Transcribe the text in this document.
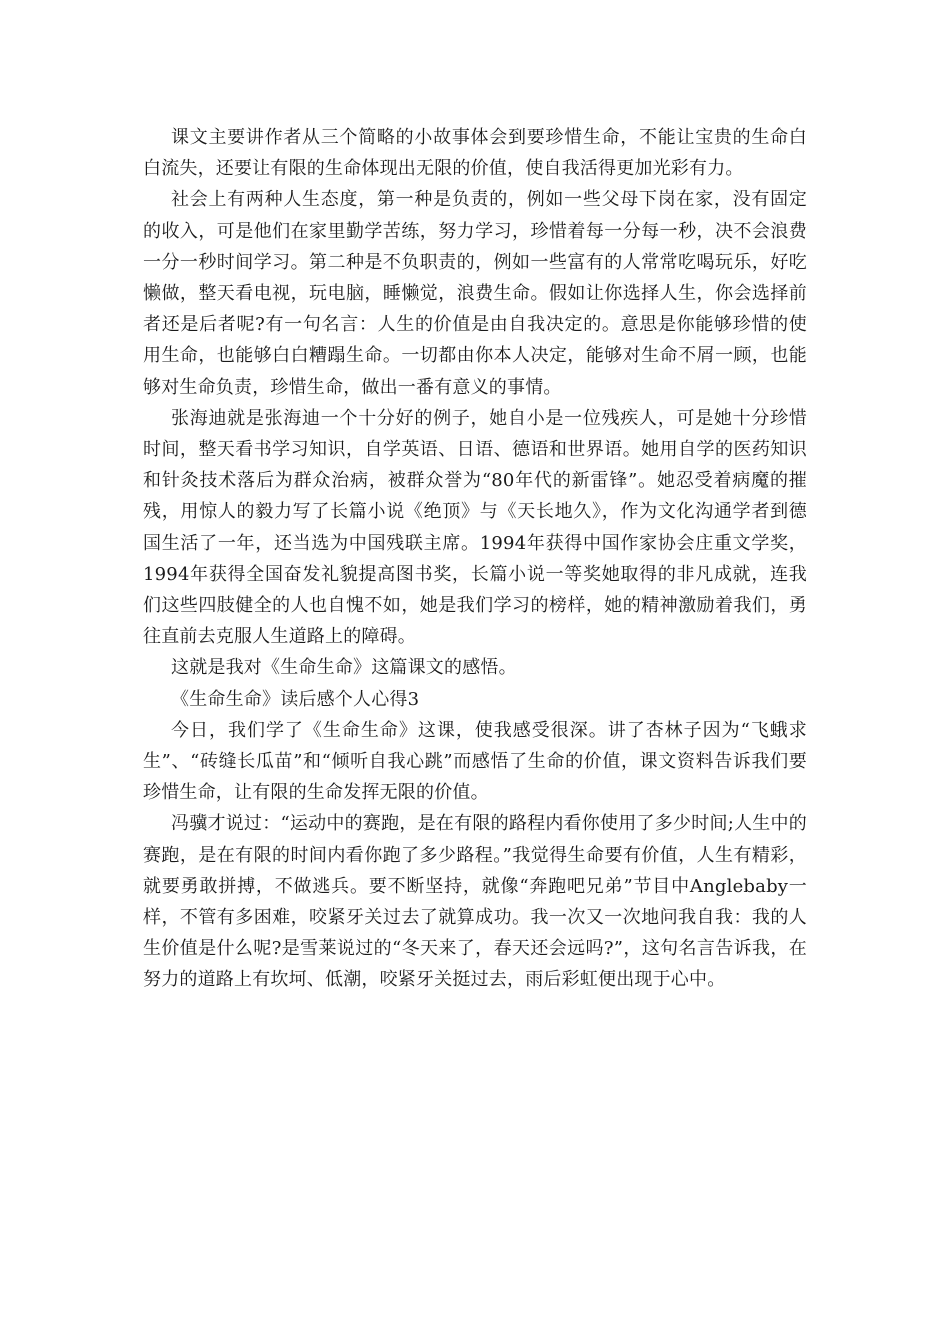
课文主要讲作者从三个简略的小故事体会到要珍惜生命，不能让宝贵的生命白白流失，还要让有限的生命体现出无限的价值，使自我活得更加光彩有力。

社会上有两种人生态度，第一种是负责的，例如一些父母下岗在家，没有固定的收入，可是他们在家里勤学苦练，努力学习，珍惜着每一分每一秒，决不会浪费一分一秒时间学习。第二种是不负职责的，例如一些富有的人常常吃喝玩乐，好吃懒做，整天看电视，玩电脑，睡懒觉，浪费生命。假如让你选择人生，你会选择前者还是后者呢?有一句名言：人生的价值是由自我决定的。意思是你能够珍惜的使用生命，也能够白白糟蹋生命。一切都由你本人决定，能够对生命不屑一顾，也能够对生命负责，珍惜生命，做出一番有意义的事情。

张海迪就是张海迪一个十分好的例子，她自小是一位残疾人，可是她十分珍惜时间，整天看书学习知识，自学英语、日语、德语和世界语。她用自学的医药知识和针灸技术落后为群众治病，被群众誉为“80年代的新雷锋”。她忍受着病魔的摧残，用惊人的毅力写了长篇小说《绝顶》与《天长地久》，作为文化沟通学者到德国生活了一年，还当选为中国残联主席。1994年获得中国作家协会庄重文学奖，1994年获得全国奋发礼貌提高图书奖，长篇小说一等奖她取得的非凡成就，连我们这些四肢健全的人也自愧不如，她是我们学习的榜样，她的精神激励着我们，勇往直前去克服人生道路上的障碍。

这就是我对《生命生命》这篇课文的感悟。

《生命生命》读后感个人心得3

今日，我们学了《生命生命》这课，使我感受很深。讲了杏林子因为“飞蛾求生”、“砖缝长瓜苗”和“倾听自我心跳”而感悟了生命的价值，课文资料告诉我们要珍惜生命，让有限的生命发挥无限的价值。

冯骥才说过：“运动中的赛跑，是在有限的路程内看你使用了多少时间;人生中的赛跑，是在有限的时间内看你跑了多少路程。”我觉得生命要有价值，人生有精彩，就要勇敢拼搏，不做逃兵。要不断坚持，就像“奔跑吧兄弟”节目中Anglebaby一样，不管有多困难，咬紧牙关过去了就算成功。我一次又一次地问我自我：我的人生价值是什么呢?是雪莱说过的“冬天来了，春天还会远吗?”，这句名言告诉我，在努力的道路上有坎坷、低潮，咬紧牙关挺过去，雨后彩虹便出现于心中。
